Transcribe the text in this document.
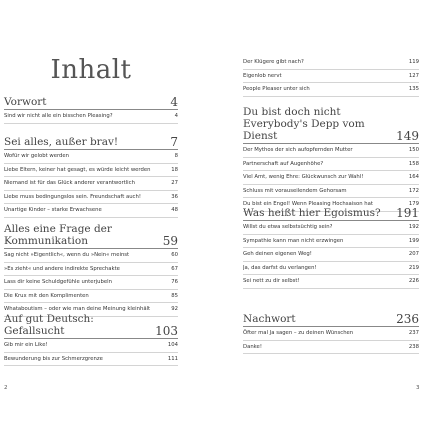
Inhalt
Vorwort	4
Sind wir nicht alle ein bisschen Pleasing?	4
Sei alles, außer brav!	7
Wofür wir gelobt werden	8
Liebe Eltern, keiner hat gesagt, es würde leicht werden	18
Niemand ist für das Glück anderer verantwortlich	27
Liebe muss bedingungslos sein. Freundschaft auch!	36
Unartige Kinder – starke Erwachsene	48
Alles eine Frage der Kommunikation	59
Sag nicht »Eigentlich«, wenn du »Nein« meinst	60
»Es zieht« und andere indirekte Sprechakte	67
Lass dir keine Schuldgefühle unterjubeln	76
Die Krux mit den Komplimenten	85
Whataboutism – oder wie man deine Meinung kleinhält	92
Auf gut Deutsch: Gefallsucht	103
Gib mir ein Like!	104
Bewunderung bis zur Schmerzgrenze	111
2
Der Klügere gibt nach?	119
Eigenlob nervt	127
People Pleaser unter sich	135
Du bist doch nicht Everybody's Depp vom Dienst	149
Der Mythos der sich aufopfernden Mutter	150
Partnerschaft auf Augenhöhe?	158
Viel Amt, wenig Ehre: Glückwunsch zur Wahl!	164
Schluss mit vorauseilendem Gehorsam	172
Du bist ein Engel! Wenn Pleasing Hochsaison hat	179
Was heißt hier Egoismus? 191
Willst du etwa selbstsüchtig sein?	192
Sympathie kann man nicht erzwingen	199
Geh deinen eigenen Weg!	207
Ja, das darfst du verlangen!	219
Sei nett zu dir selbst!	226
Nachwort	236
Öfter mal Ja sagen – zu deinen Wünschen	237
Danke!	238
3
